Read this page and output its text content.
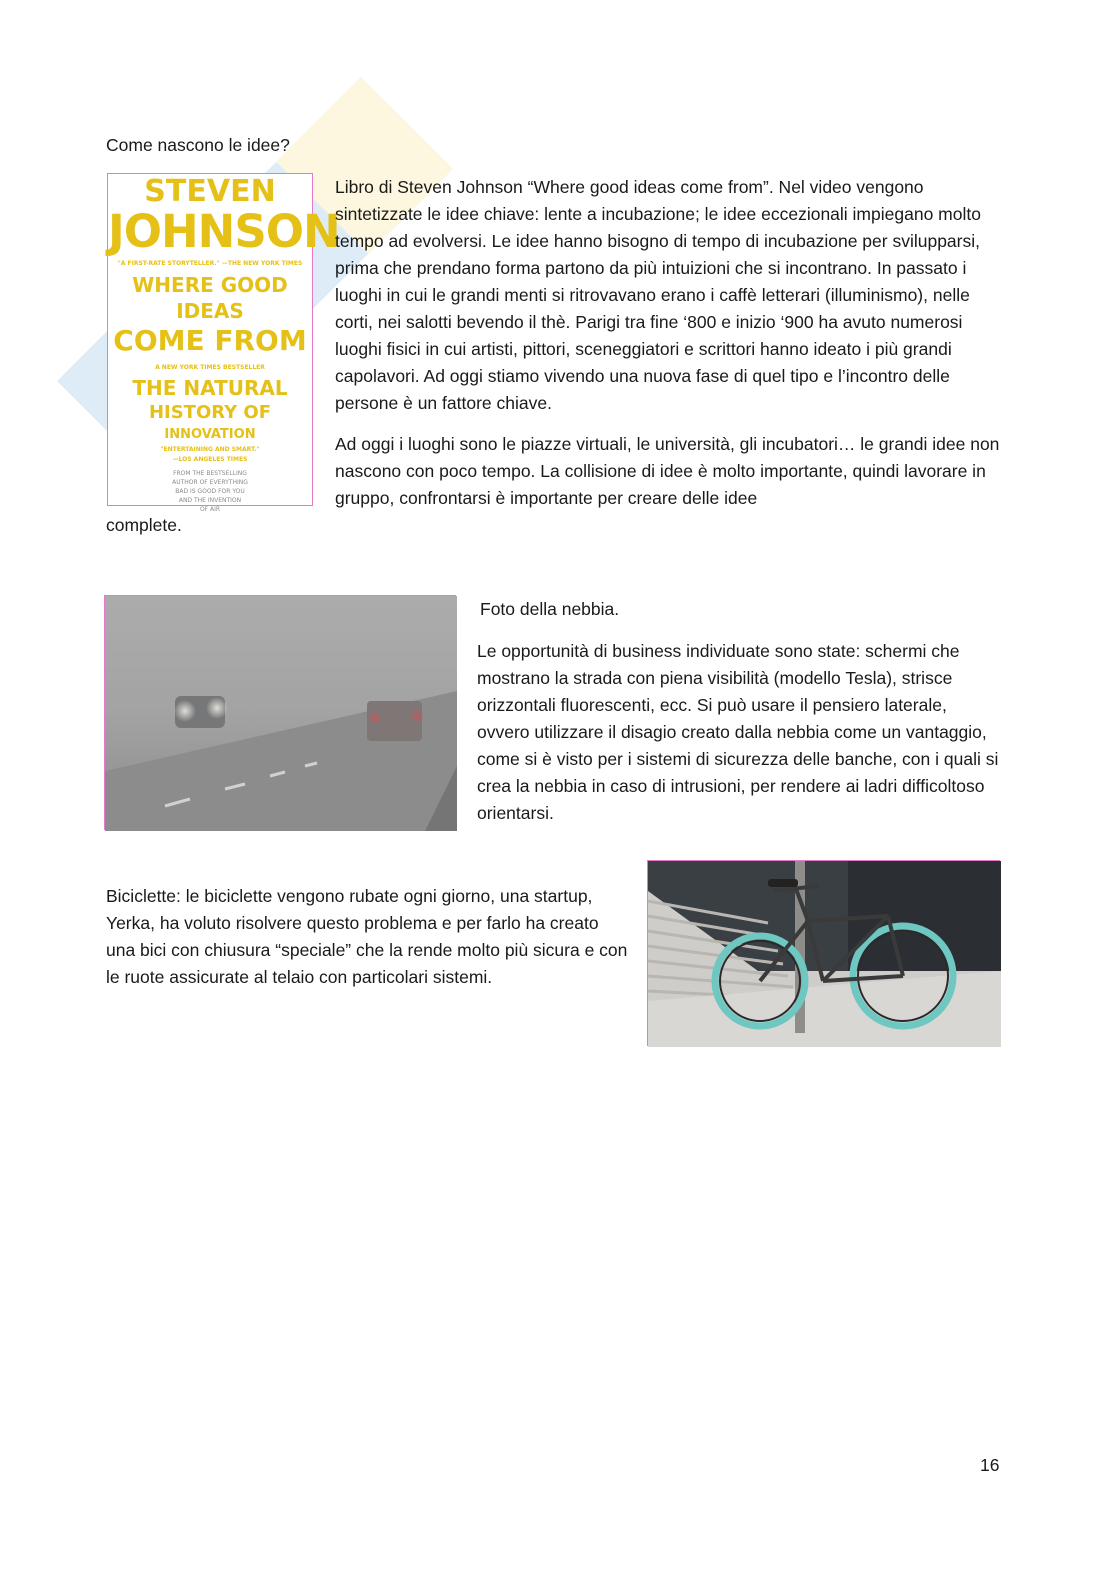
Come nascono le idee?

STEVEN
JOHNSON
"A FIRST-RATE STORYTELLER." —THE NEW YORK TIMES
WHERE GOOD IDEAS
COME FROM
A NEW YORK TIMES BESTSELLER
THE NATURAL
HISTORY OF
INNOVATION
"ENTERTAINING AND SMART."
—LOS ANGELES TIMES
FROM THE BESTSELLING
AUTHOR OF EVERYTHING
BAD IS GOOD FOR YOU
AND THE INVENTION
OF AIR

Libro di Steven Johnson “Where good ideas come from”. Nel video vengono sintetizzate le idee chiave: lente a incubazione; le idee eccezionali impiegano molto tempo ad evolversi. Le idee hanno bisogno di tempo di incubazione per svilupparsi, prima che prendano forma partono da più intuizioni che si incontrano. In passato i luoghi in cui le grandi menti si ritrovavano erano i caffè letterari (illuminismo), nelle corti, nei salotti bevendo il thè. Parigi tra fine ‘800 e inizio ‘900 ha avuto numerosi luoghi fisici in cui artisti, pittori, sceneggiatori e scrittori hanno ideato i più grandi capolavori. Ad oggi stiamo vivendo una nuova fase di quel tipo e l’incontro delle persone è un fattore chiave.

Ad oggi i luoghi sono le piazze virtuali, le università, gli incubatori… le grandi idee non nascono con poco tempo. La collisione di idee è molto importante, quindi lavorare in gruppo, confrontarsi è importante per creare delle idee

complete.

Foto della nebbia.

Le opportunità di business individuate sono state: schermi che mostrano la strada con piena visibilità (modello Tesla), strisce orizzontali fluorescenti, ecc. Si può usare il pensiero laterale, ovvero utilizzare il disagio creato dalla nebbia come un vantaggio, come si è visto per i sistemi di sicurezza delle banche, con i quali si crea la nebbia in caso di intrusioni, per rendere ai ladri difficoltoso orientarsi.

Biciclette: le biciclette vengono rubate ogni giorno, una startup, Yerka, ha voluto risolvere questo problema e per farlo ha creato una bici con chiusura “speciale” che la rende molto più sicura e con le ruote assicurate al telaio con particolari sistemi.

16
